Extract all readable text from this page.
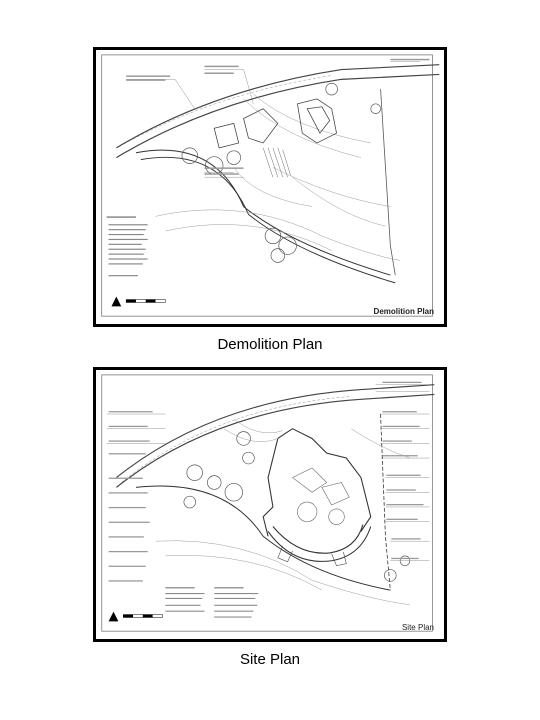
Demolition Plan
Demolition Plan
Site Plan
Site Plan
